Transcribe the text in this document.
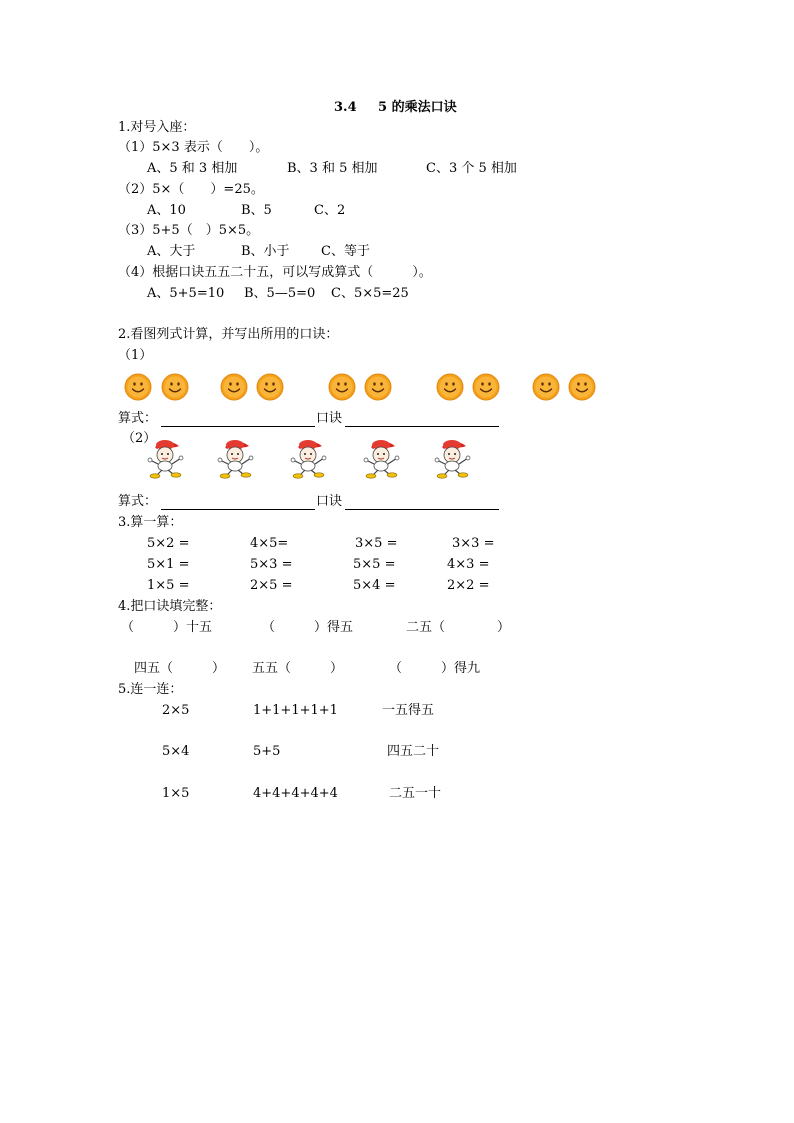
3.4 5 的乘法口诀
1.对号入座：
（1）5×3 表示（　　）。
A、5 和 3 相加	B、3 和 5 相加	C、3 个 5 相加
（2）5×（　　）=25。
A、10	B、5	C、2
（3）5+5（　）5×5。
A、大于	B、小于 C、等于
（4）根据口诀五五二十五，可以写成算式（　　　）。
A、5+5=10 B、5—5=0 C、5×5=25
2.看图列式计算，并写出所用的口诀：
（1）
算式：	口诀
（2）
算式：	口诀
3.算一算：
5×2 =	4×5=	3×5 =	3×3 =
5×1 =	5×3 =	5×5 =	4×3 =
1×5 =	2×5 =	5×4 =	2×2 =
4.把口诀填完整：
（　　　）十五	（　　　）得五	二五（　　　　）
四五（　　　） 五五（　　　）	（　　　）得九
5.连一连：
2×5	1+1+1+1+1	一五得五
5×4	5+5	四五二十
1×5	4+4+4+4+4	二五一十
